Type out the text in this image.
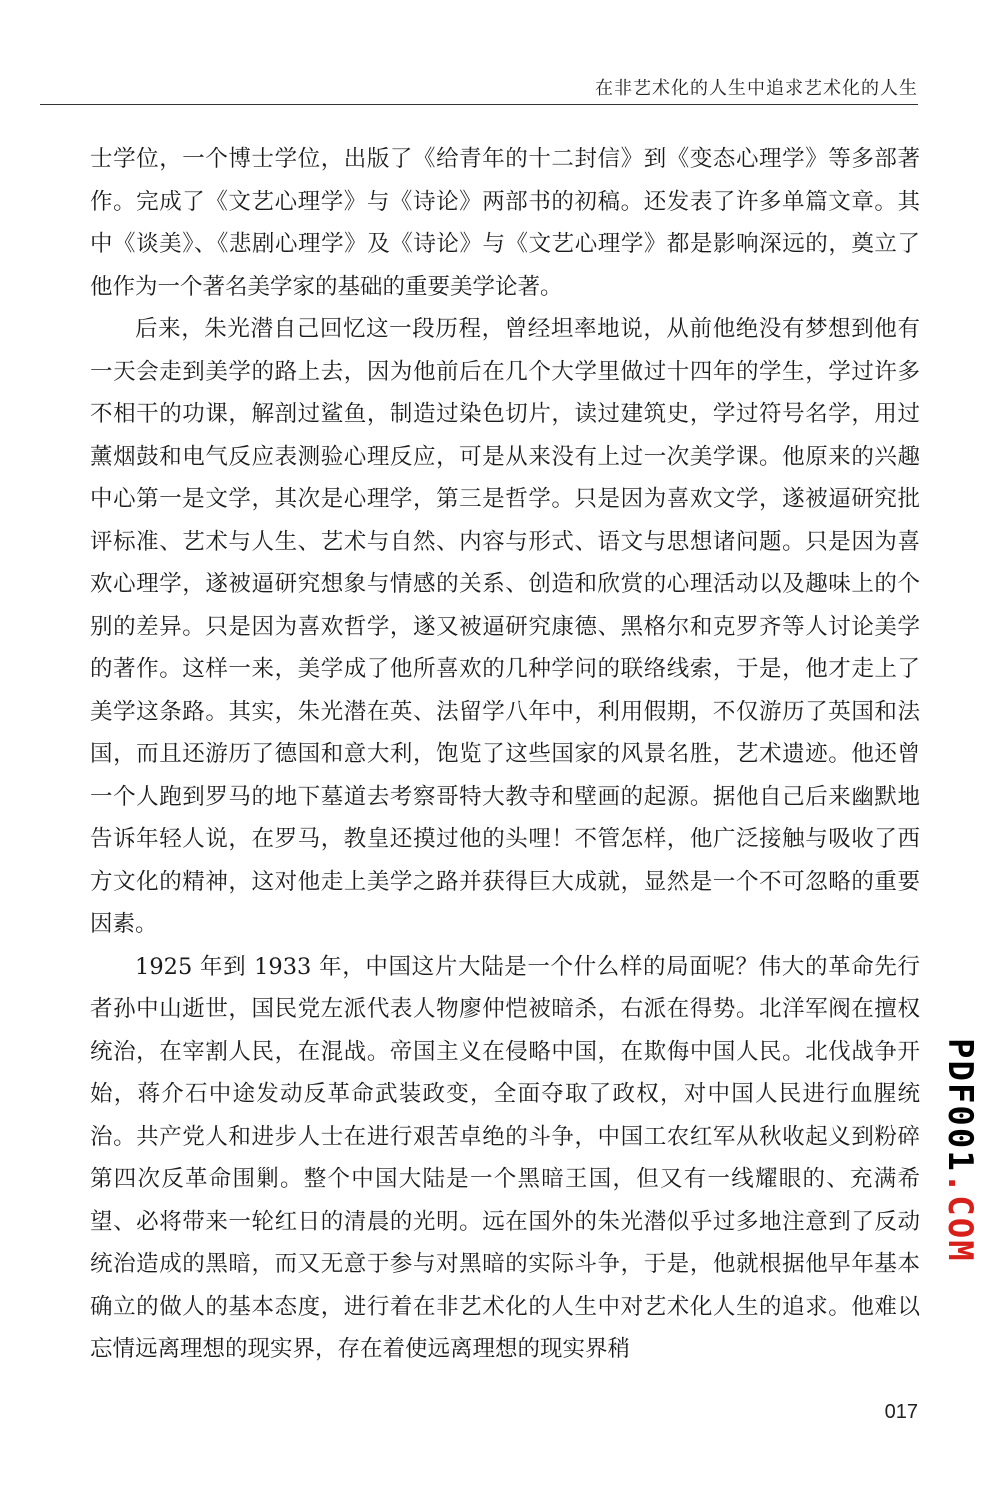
在非艺术化的人生中追求艺术化的人生

士学位，一个博士学位，出版了《给青年的十二封信》到《变态心理学》等多部著作。完成了《文艺心理学》与《诗论》两部书的初稿。还发表了许多单篇文章。其中《谈美》、《悲剧心理学》及《诗论》与《文艺心理学》都是影响深远的，奠立了他作为一个著名美学家的基础的重要美学论著。

后来，朱光潜自己回忆这一段历程，曾经坦率地说，从前他绝没有梦想到他有一天会走到美学的路上去，因为他前后在几个大学里做过十四年的学生，学过许多不相干的功课，解剖过鲨鱼，制造过染色切片，读过建筑史，学过符号名学，用过薰烟鼓和电气反应表测验心理反应，可是从来没有上过一次美学课。他原来的兴趣中心第一是文学，其次是心理学，第三是哲学。只是因为喜欢文学，遂被逼研究批评标准、艺术与人生、艺术与自然、内容与形式、语文与思想诸问题。只是因为喜欢心理学，遂被逼研究想象与情感的关系、创造和欣赏的心理活动以及趣味上的个别的差异。只是因为喜欢哲学，遂又被逼研究康德、黑格尔和克罗齐等人讨论美学的著作。这样一来，美学成了他所喜欢的几种学问的联络线索，于是，他才走上了美学这条路。其实，朱光潜在英、法留学八年中，利用假期，不仅游历了英国和法国，而且还游历了德国和意大利，饱览了这些国家的风景名胜，艺术遗迹。他还曾一个人跑到罗马的地下墓道去考察哥特大教寺和壁画的起源。据他自己后来幽默地告诉年轻人说，在罗马，教皇还摸过他的头哩！不管怎样，他广泛接触与吸收了西方文化的精神，这对他走上美学之路并获得巨大成就，显然是一个不可忽略的重要因素。

1925 年到 1933 年，中国这片大陆是一个什么样的局面呢？伟大的革命先行者孙中山逝世，国民党左派代表人物廖仲恺被暗杀，右派在得势。北洋军阀在擅权统治，在宰割人民，在混战。帝国主义在侵略中国，在欺侮中国人民。北伐战争开始，蒋介石中途发动反革命武装政变，全面夺取了政权，对中国人民进行血腥统治。共产党人和进步人士在进行艰苦卓绝的斗争，中国工农红军从秋收起义到粉碎第四次反革命围剿。整个中国大陆是一个黑暗王国，但又有一线耀眼的、充满希望、必将带来一轮红日的清晨的光明。远在国外的朱光潜似乎过多地注意到了反动统治造成的黑暗，而又无意于参与对黑暗的实际斗争，于是，他就根据他早年基本确立的做人的基本态度，进行着在非艺术化的人生中对艺术化人生的追求。他难以忘情远离理想的现实界，存在着使远离理想的现实界稍

PDF001.COM
017
